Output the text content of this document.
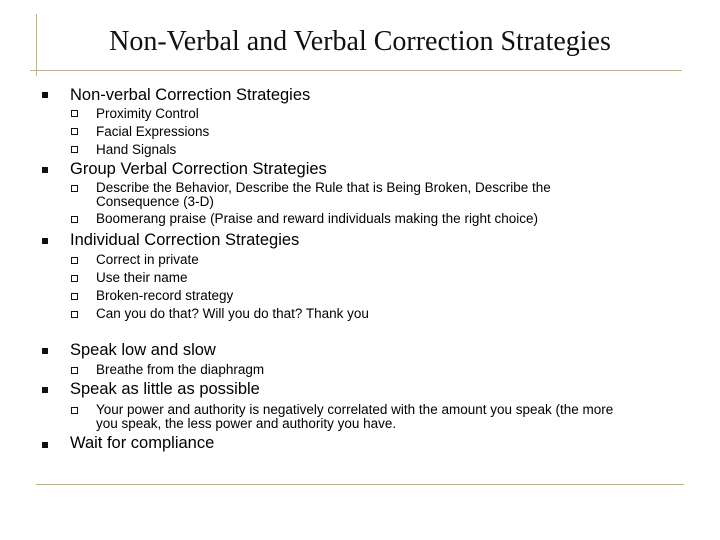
Non-Verbal and Verbal Correction Strategies
Non-verbal Correction Strategies
Proximity Control
Facial Expressions
Hand Signals
Group Verbal Correction Strategies
Describe the Behavior, Describe the Rule that is Being Broken, Describe the
Consequence (3-D)
Boomerang praise (Praise and reward individuals making the right choice)
Individual Correction Strategies
Correct in private
Use their name
Broken-record strategy
Can you do that? Will you do that? Thank you
Speak low and slow
Breathe from the diaphragm
Speak as little as possible
Your power and authority is negatively correlated with the amount you speak (the more
you speak, the less power and authority you have.
Wait for compliance
